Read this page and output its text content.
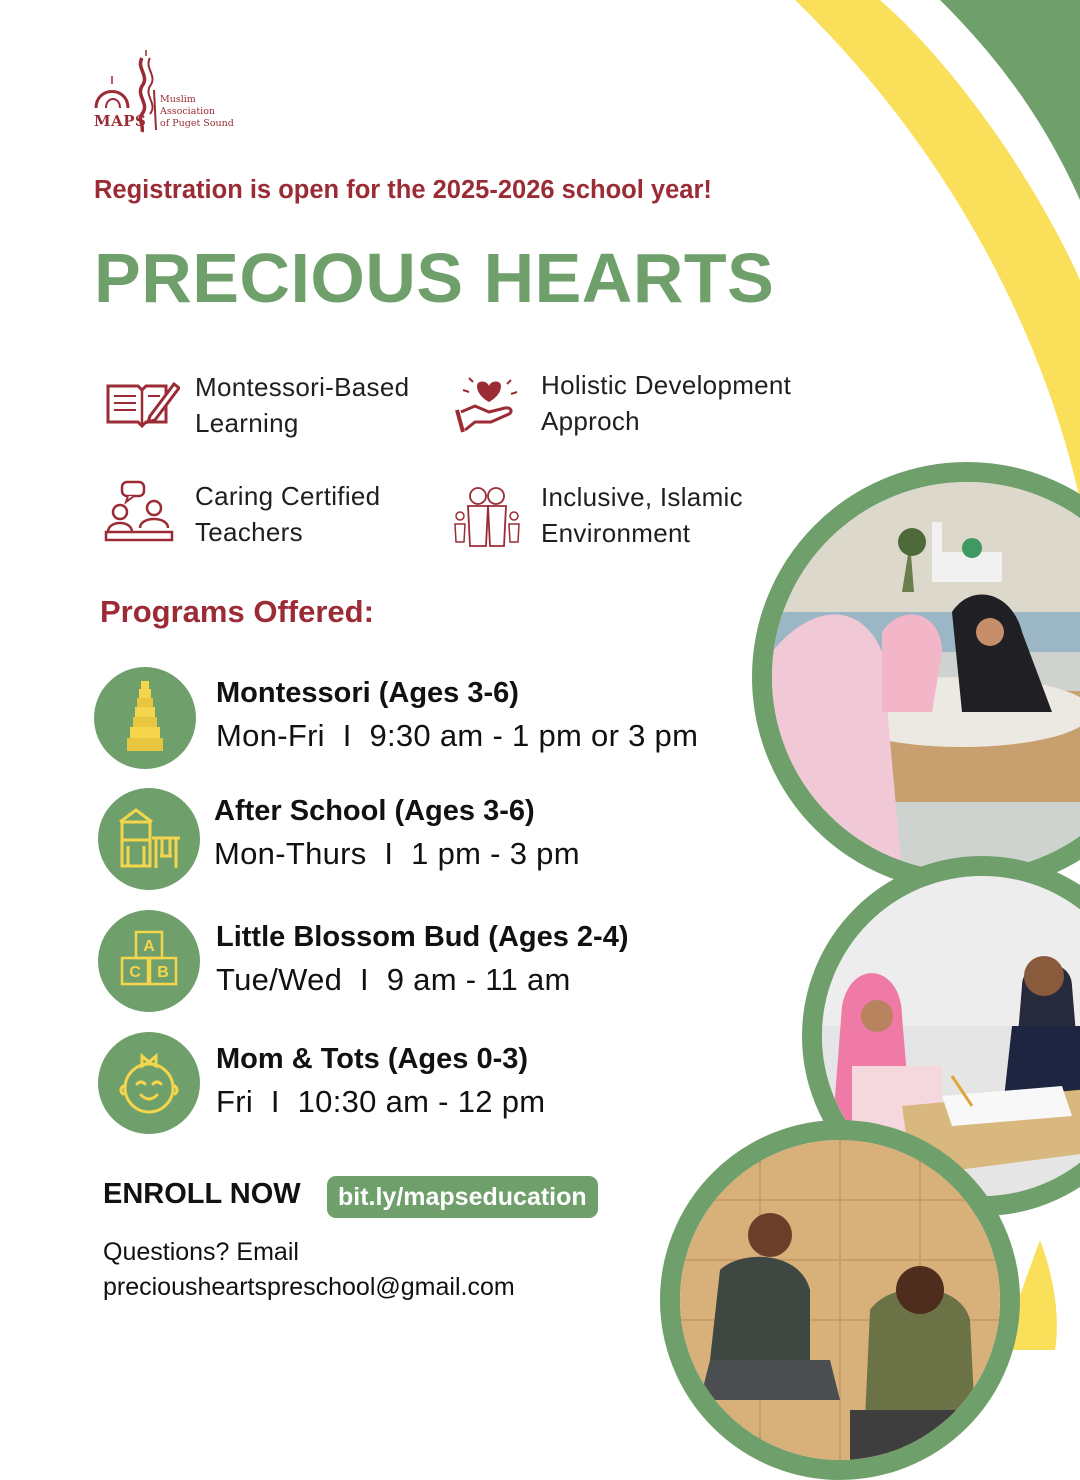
MAPS
Muslim
Association
of Puget Sound
Registration is open for the 2025-2026 school year!
PRECIOUS HEARTS
Montessori-Based
Learning
Holistic Development
Approch
Caring Certified
Teachers
Inclusive, Islamic
Environment
Programs Offered:
Montessori (Ages 3-6)
Mon-Fri  I  9:30 am - 1 pm or 3 pm
After School (Ages 3-6)
Mon-Thurs  I  1 pm - 3 pm
A
C B
Little Blossom Bud (Ages 2-4)
Tue/Wed  I  9 am - 11 am
Mom & Tots (Ages 0-3)
Fri  I  10:30 am - 12 pm
ENROLL NOW	bit.ly/mapseducation
Questions? Email
preciousheartspreschool@gmail.com
